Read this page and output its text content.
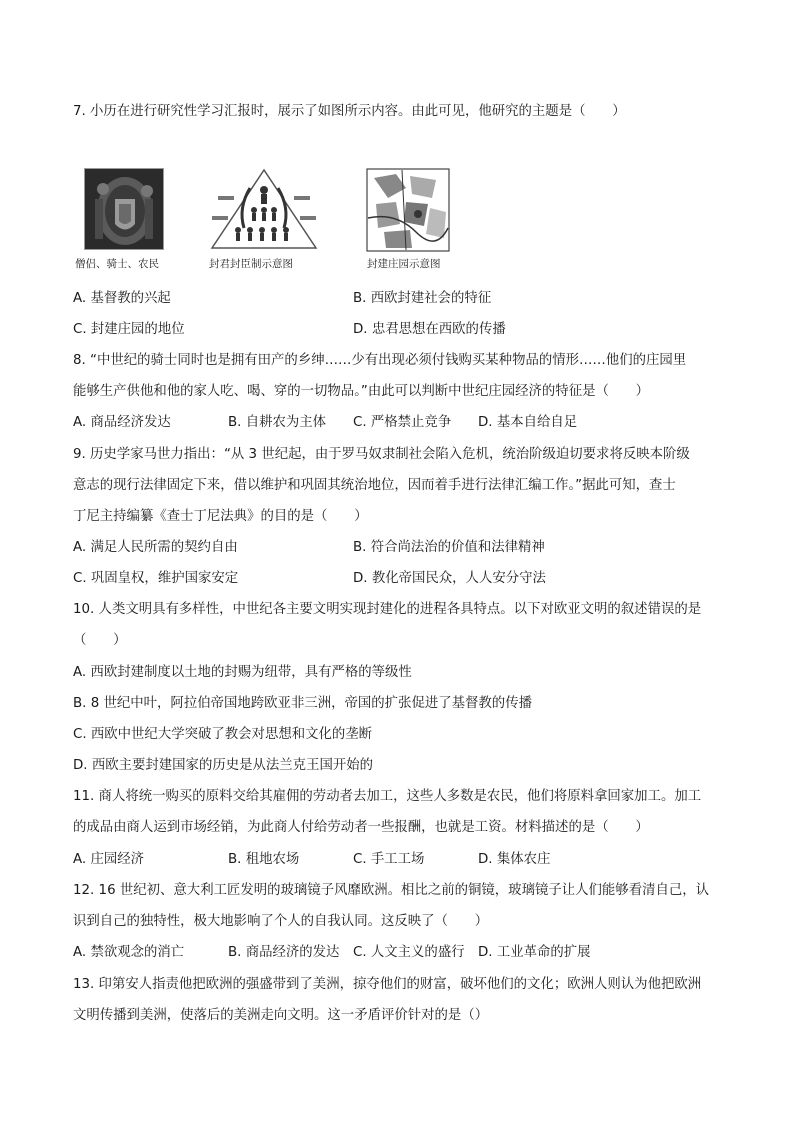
7. 小历在进行研究性学习汇报时，展示了如图所示内容。由此可见，他研究的主题是（　　）
僧侣、骑士、农民	封君封臣制示意图	封建庄园示意图
A. 基督教的兴起	B. 西欧封建社会的特征
C. 封建庄园的地位	D. 忠君思想在西欧的传播
8. “中世纪的骑士同时也是拥有田产的乡绅……少有出现必须付钱购买某种物品的情形……他们的庄园里
能够生产供他和他的家人吃、喝、穿的一切物品。”由此可以判断中世纪庄园经济的特征是（　　）
A. 商品经济发达	B. 自耕农为主体 C. 严格禁止竞争 D. 基本自给自足
9. 历史学家马世力指出：“从 3 世纪起，由于罗马奴隶制社会陷入危机，统治阶级迫切要求将反映本阶级
意志的现行法律固定下来，借以维护和巩固其统治地位，因而着手进行法律汇编工作。”据此可知，查士
丁尼主持编纂《查士丁尼法典》的目的是（　　）
A. 满足人民所需的契约自由	B. 符合尚法治的价值和法律精神
C. 巩固皇权，维护国家安定	D. 教化帝国民众，人人安分守法
10. 人类文明具有多样性，中世纪各主要文明实现封建化的进程各具特点。以下对欧亚文明的叙述错误的是
（　　）
A. 西欧封建制度以土地的封赐为纽带，具有严格的等级性
B. 8 世纪中叶，阿拉伯帝国地跨欧亚非三洲，帝国的扩张促进了基督教的传播
C. 西欧中世纪大学突破了教会对思想和文化的垄断
D. 西欧主要封建国家的历史是从法兰克王国开始的
11. 商人将统一购买的原料交给其雇佣的劳动者去加工，这些人多数是农民，他们将原料拿回家加工。加工
的成品由商人运到市场经销，为此商人付给劳动者一些报酬，也就是工资。材料描述的是（　　）
A. 庄园经济	B. 租地农场	C. 手工工场	D. 集体农庄
12. 16 世纪初、意大利工匠发明的玻璃镜子风靡欧洲。相比之前的铜镜，玻璃镜子让人们能够看清自己，认
识到自己的独特性，极大地影响了个人的自我认同。这反映了（　　）
A. 禁欲观念的消亡	B. 商品经济的发达 C. 人文主义的盛行 D. 工业革命的扩展
13. 印第安人指责他把欧洲的强盛带到了美洲，掠夺他们的财富，破坏他们的文化；欧洲人则认为他把欧洲
文明传播到美洲，使落后的美洲走向文明。这一矛盾评价针对的是（）
